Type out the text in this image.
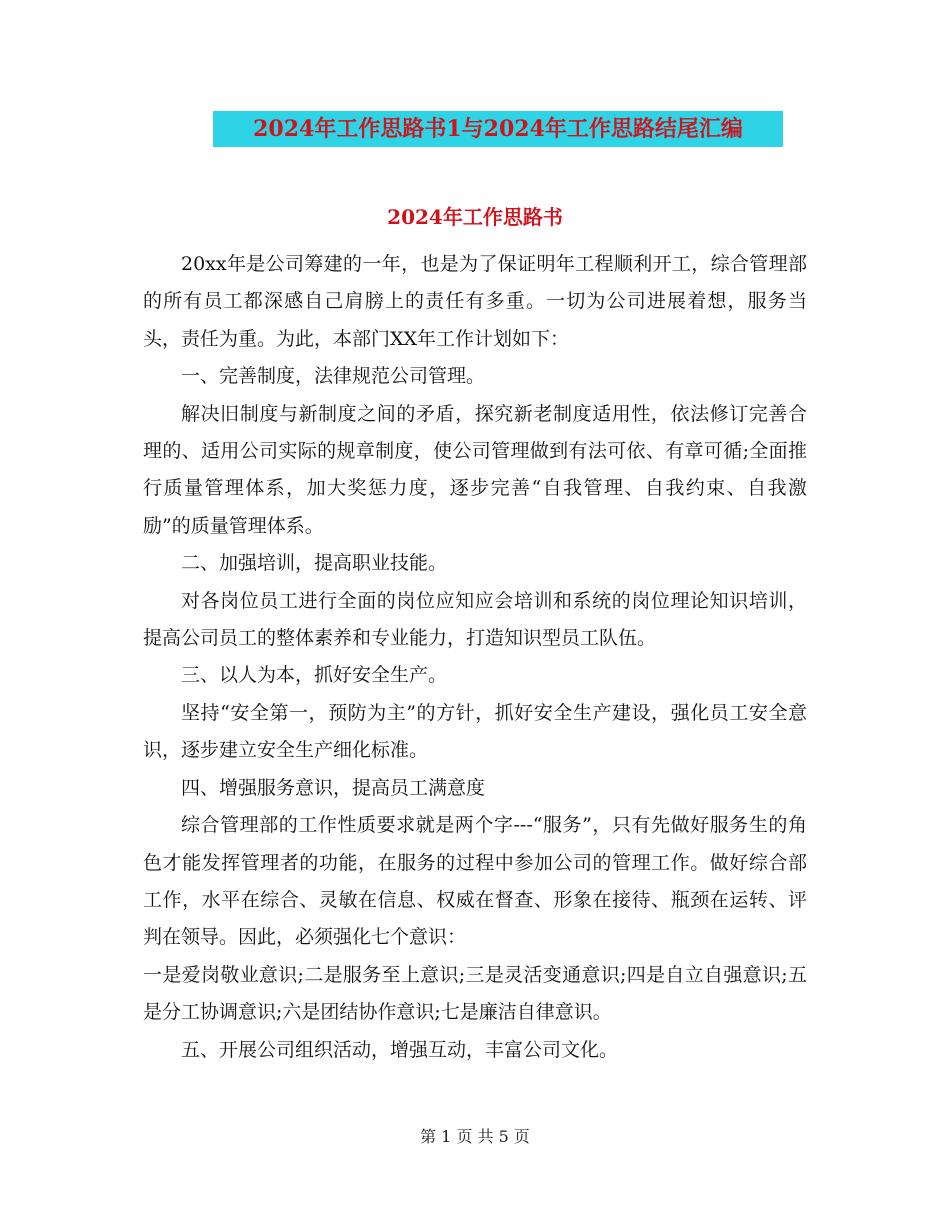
2024年工作思路书1与2024年工作思路结尾汇编
2024年工作思路书

20xx年是公司筹建的一年，也是为了保证明年工程顺利开工，综合管理部的所有员工都深感自己肩膀上的责任有多重。一切为公司进展着想，服务当头，责任为重。为此，本部门XX年工作计划如下：

一、完善制度，法律规范公司管理。

解决旧制度与新制度之间的矛盾，探究新老制度适用性，依法修订完善合理的、适用公司实际的规章制度，使公司管理做到有法可依、有章可循;全面推行质量管理体系，加大奖惩力度，逐步完善“自我管理、自我约束、自我激励”的质量管理体系。

二、加强培训，提高职业技能。

对各岗位员工进行全面的岗位应知应会培训和系统的岗位理论知识培训，提高公司员工的整体素养和专业能力，打造知识型员工队伍。

三、以人为本，抓好安全生产。

坚持“安全第一，预防为主”的方针，抓好安全生产建设，强化员工安全意识，逐步建立安全生产细化标准。

四、增强服务意识，提高员工满意度

综合管理部的工作性质要求就是两个字---“服务”，只有先做好服务生的角色才能发挥管理者的功能，在服务的过程中参加公司的管理工作。做好综合部工作，水平在综合、灵敏在信息、权威在督查、形象在接待、瓶颈在运转、评判在领导。因此，必须强化七个意识：

一是爱岗敬业意识;二是服务至上意识;三是灵活变通意识;四是自立自强意识;五是分工协调意识;六是团结协作意识;七是廉洁自律意识。

五、开展公司组织活动，增强互动，丰富公司文化。

第 1 页 共 5 页
